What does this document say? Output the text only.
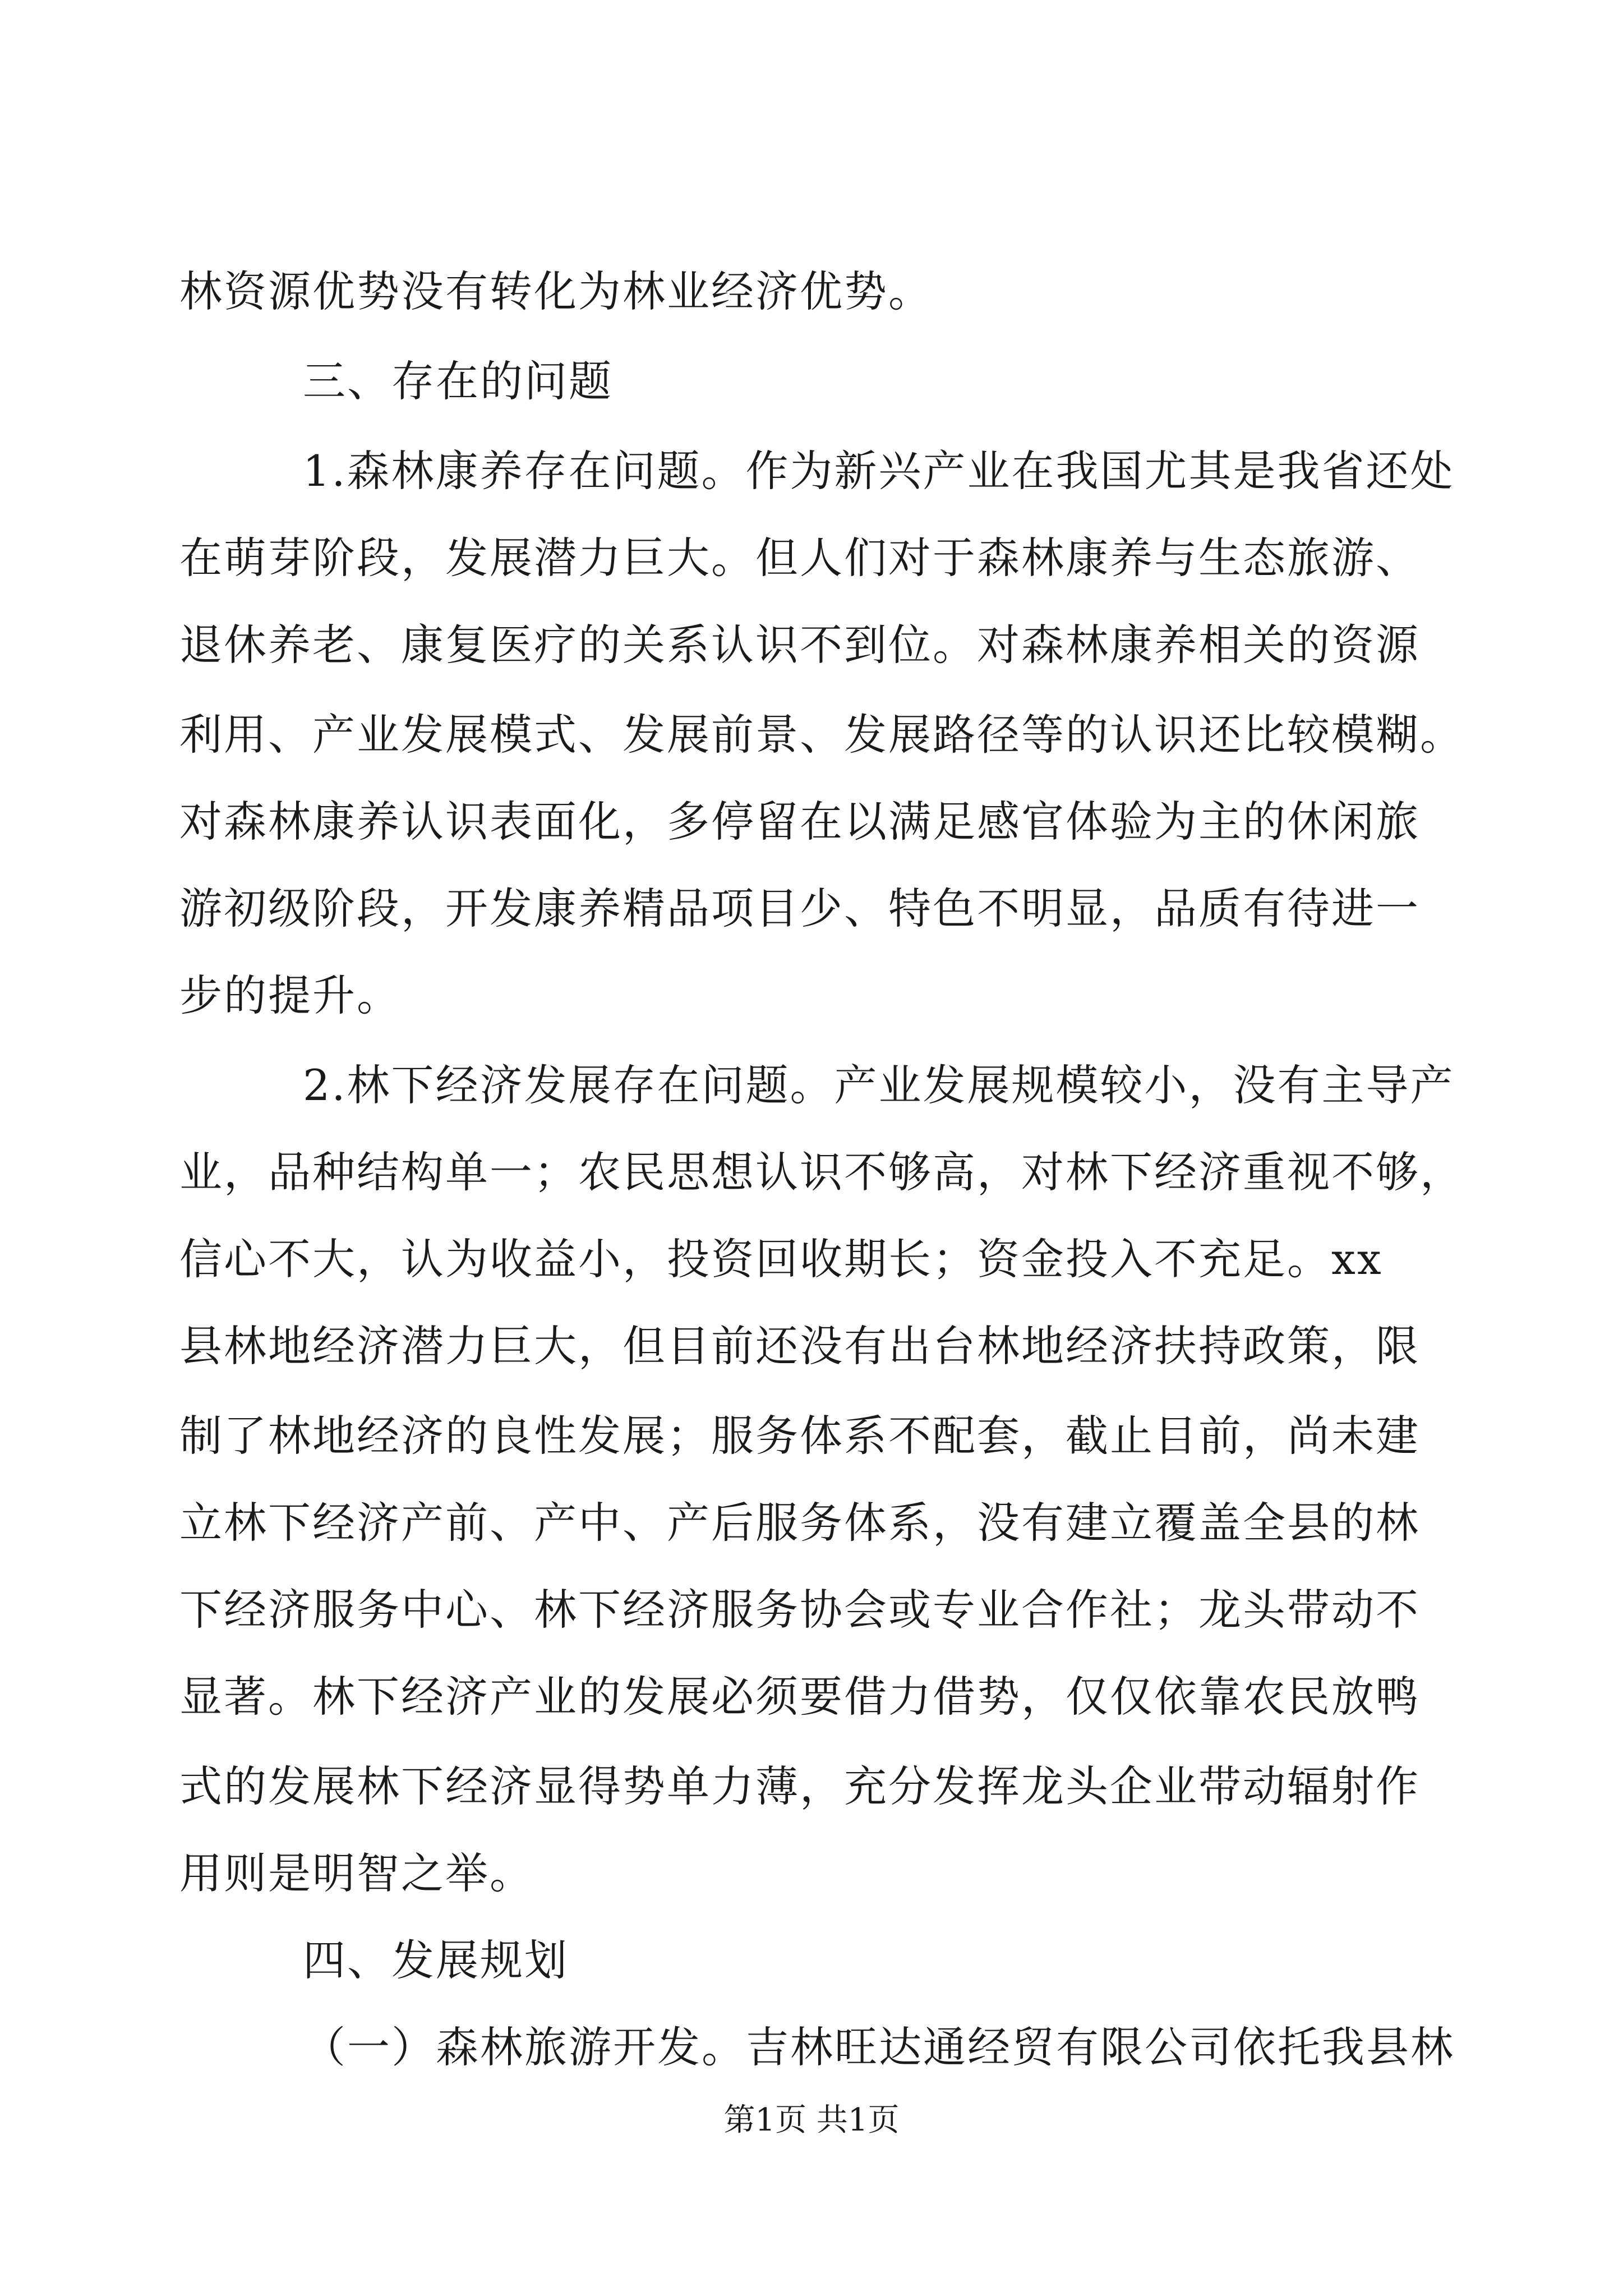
林资源优势没有转化为林业经济优势。
三、存在的问题
1.森林康养存在问题。作为新兴产业在我国尤其是我省还处
在萌芽阶段，发展潜力巨大。但人们对于森林康养与生态旅游、
退休养老、康复医疗的关系认识不到位。对森林康养相关的资源
利用、产业发展模式、发展前景、发展路径等的认识还比较模糊。
对森林康养认识表面化，多停留在以满足感官体验为主的休闲旅
游初级阶段，开发康养精品项目少、特色不明显，品质有待进一
步的提升。
2.林下经济发展存在问题。产业发展规模较小，没有主导产
业，品种结构单一；农民思想认识不够高，对林下经济重视不够，
信心不大，认为收益小，投资回收期长；资金投入不充足。xx
县林地经济潜力巨大，但目前还没有出台林地经济扶持政策，限
制了林地经济的良性发展；服务体系不配套，截止目前，尚未建
立林下经济产前、产中、产后服务体系，没有建立覆盖全县的林
下经济服务中心、林下经济服务协会或专业合作社；龙头带动不
显著。林下经济产业的发展必须要借力借势，仅仅依靠农民放鸭
式的发展林下经济显得势单力薄，充分发挥龙头企业带动辐射作
用则是明智之举。
四、发展规划
（一）森林旅游开发。吉林旺达通经贸有限公司依托我县林
第1页 共1页
